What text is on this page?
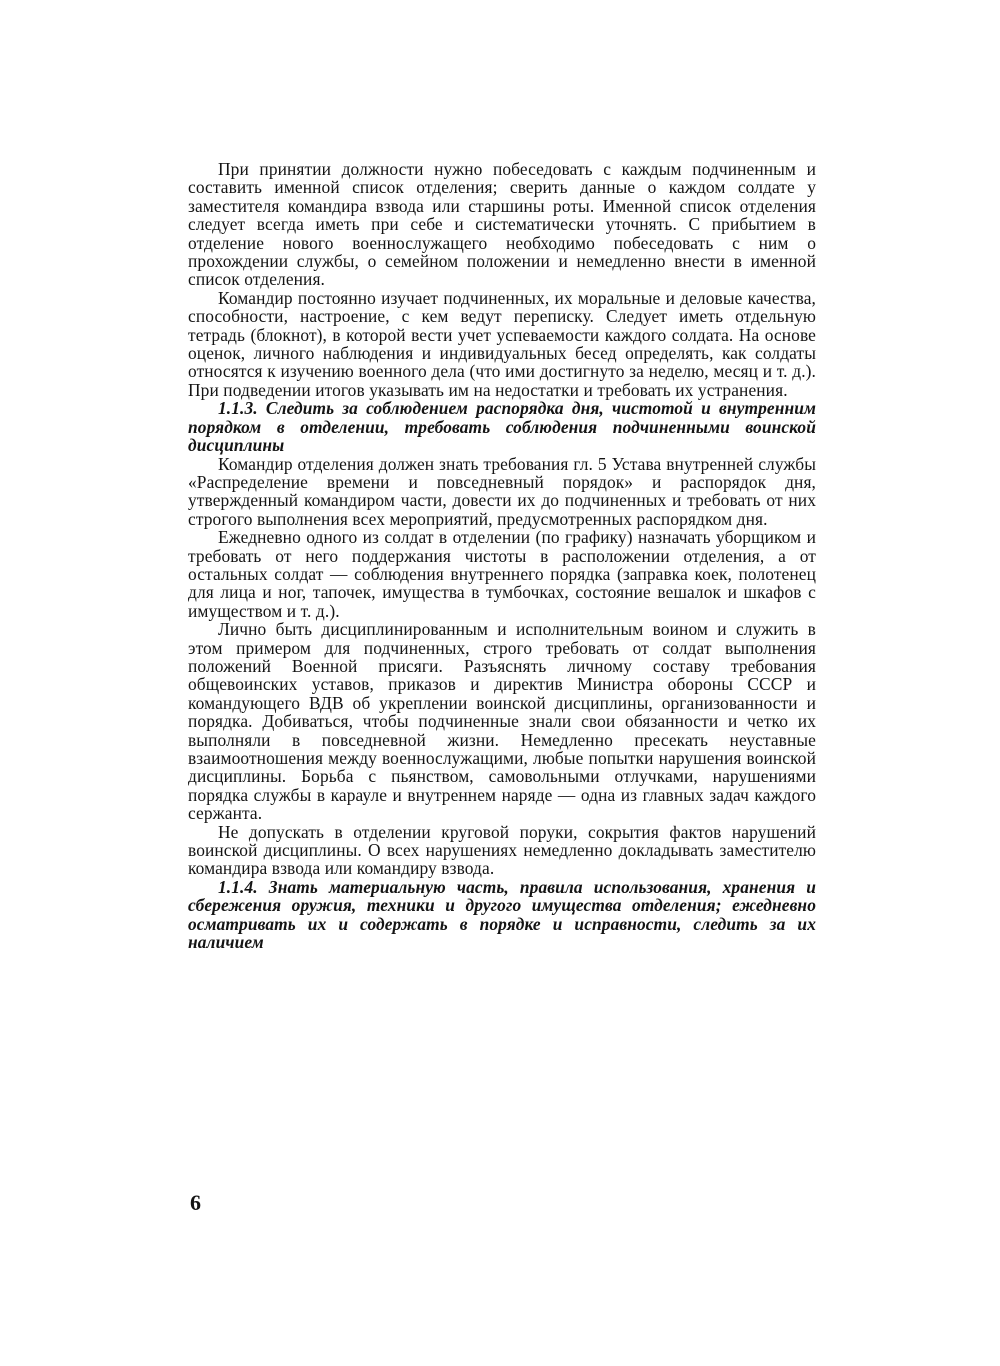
При принятии должности нужно побеседовать с каждым подчиненным и составить именной список отделения; сверить данные о каждом солдате у заместителя командира взвода или старшины роты. Именной список отделения следует всегда иметь при себе и систематически уточнять. С прибытием в отделение нового военнослужащего необходимо побеседовать с ним о прохождении службы, о семейном положении и немедленно внести в именной список отделения.

Командир постоянно изучает подчиненных, их моральные и деловые качества, способности, настроение, с кем ведут переписку. Следует иметь отдельную тетрадь (блокнот), в которой вести учет успеваемости каждого солдата. На основе оценок, личного наблюдения и индивидуальных бесед определять, как солдаты относятся к изучению военного дела (что ими достигнуто за неделю, месяц и т. д.). При подведении итогов указывать им на недостатки и требовать их устранения.

1.1.3. Следить за соблюдением распорядка дня, чистотой и внутренним порядком в отделении, требовать соблюдения подчиненными воинской дисциплины

Командир отделения должен знать требования гл. 5 Устава внутренней службы «Распределение времени и повседневный порядок» и распорядок дня, утвержденный командиром части, довести их до подчиненных и требовать от них строгого выполнения всех мероприятий, предусмотренных распорядком дня.

Ежедневно одного из солдат в отделении (по графику) назначать уборщиком и требовать от него поддержания чистоты в расположении отделения, а от остальных солдат — соблюдения внутреннего порядка (заправка коек, полотенец для лица и ног, тапочек, имущества в тумбочках, состояние вешалок и шкафов с имуществом и т. д.).

Лично быть дисциплинированным и исполнительным воином и служить в этом примером для подчиненных, строго требовать от солдат выполнения положений Военной присяги. Разъяснять личному составу требования общевоинских уставов, приказов и директив Министра обороны СССР и командующего ВДВ об укреплении воинской дисциплины, организованности и порядка. Добиваться, чтобы подчиненные знали свои обязанности и четко их выполняли в повседневной жизни. Немедленно пресекать неуставные взаимоотношения между военнослужащими, любые попытки нарушения воинской дисциплины. Борьба с пьянством, самовольными отлучками, нарушениями порядка службы в карауле и внутреннем наряде — одна из главных задач каждого сержанта.

Не допускать в отделении круговой поруки, сокрытия фактов нарушений воинской дисциплины. О всех нарушениях немедленно докладывать заместителю командира взвода или командиру взвода.

1.1.4. Знать материальную часть, правила использования, хранения и сбережения оружия, техники и другого имущества отделения; ежедневно осматривать их и содержать в порядке и исправности, следить за их наличием

6
